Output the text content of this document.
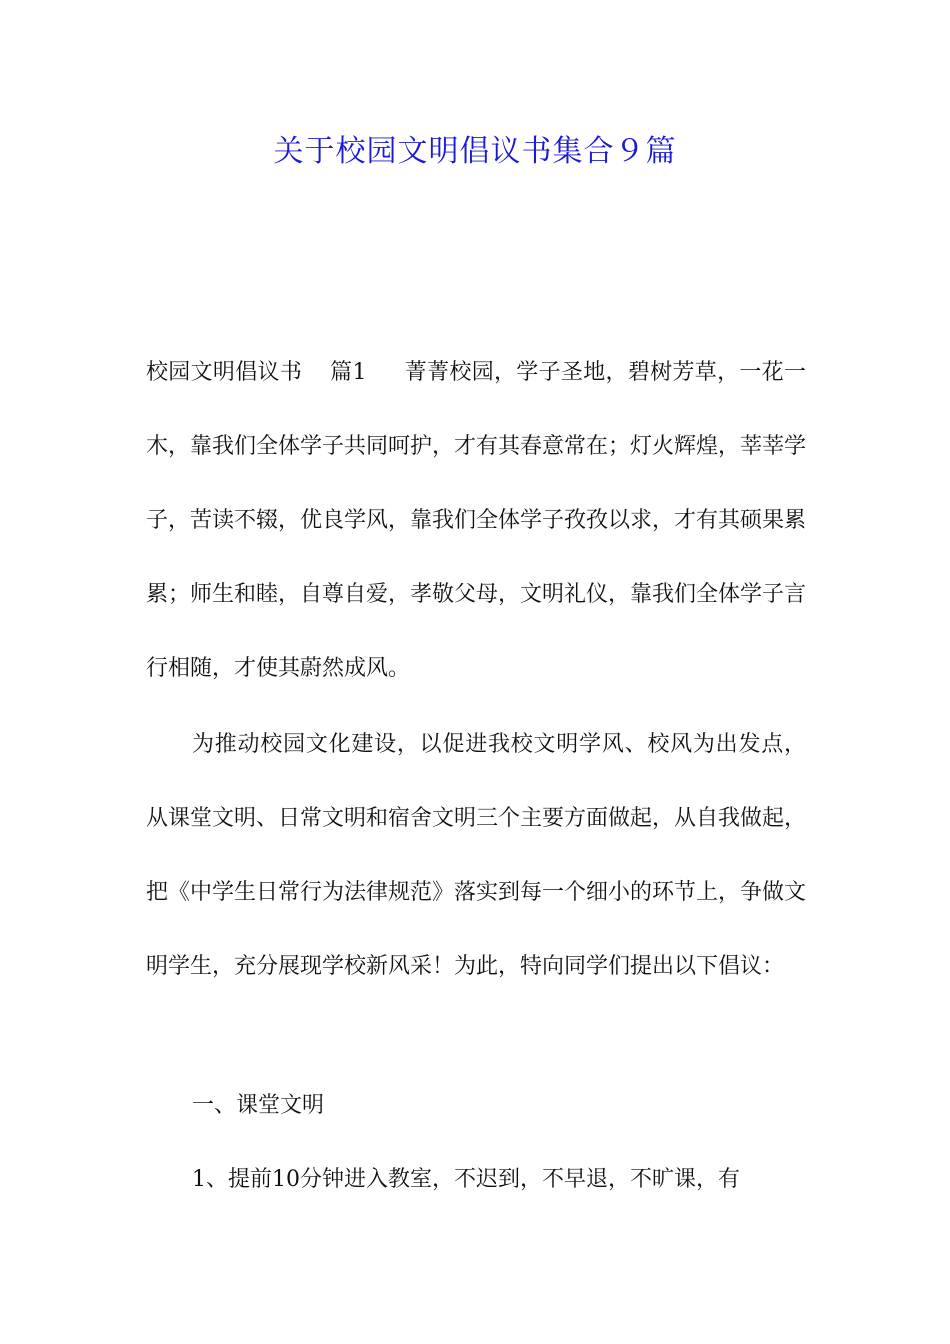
关于校园文明倡议书集合９篇
校园文明倡议书 篇1 菁菁校园，学子圣地，碧树芳草，一花一木，靠我们全体学子共同呵护，才有其春意常在；灯火辉煌，莘莘学子，苦读不辍，优良学风，靠我们全体学子孜孜以求，才有其硕果累累；师生和睦，自尊自爱，孝敬父母，文明礼仪，靠我们全体学子言行相随，才使其蔚然成风。
为推动校园文化建设，以促进我校文明学风、校风为出发点，从课堂文明、日常文明和宿舍文明三个主要方面做起，从自我做起，把《中学生日常行为法律规范》落实到每一个细小的环节上，争做文明学生，充分展现学校新风采！为此，特向同学们提出以下倡议：
一、课堂文明
1、提前10分钟进入教室，不迟到，不早退，不旷课，有
